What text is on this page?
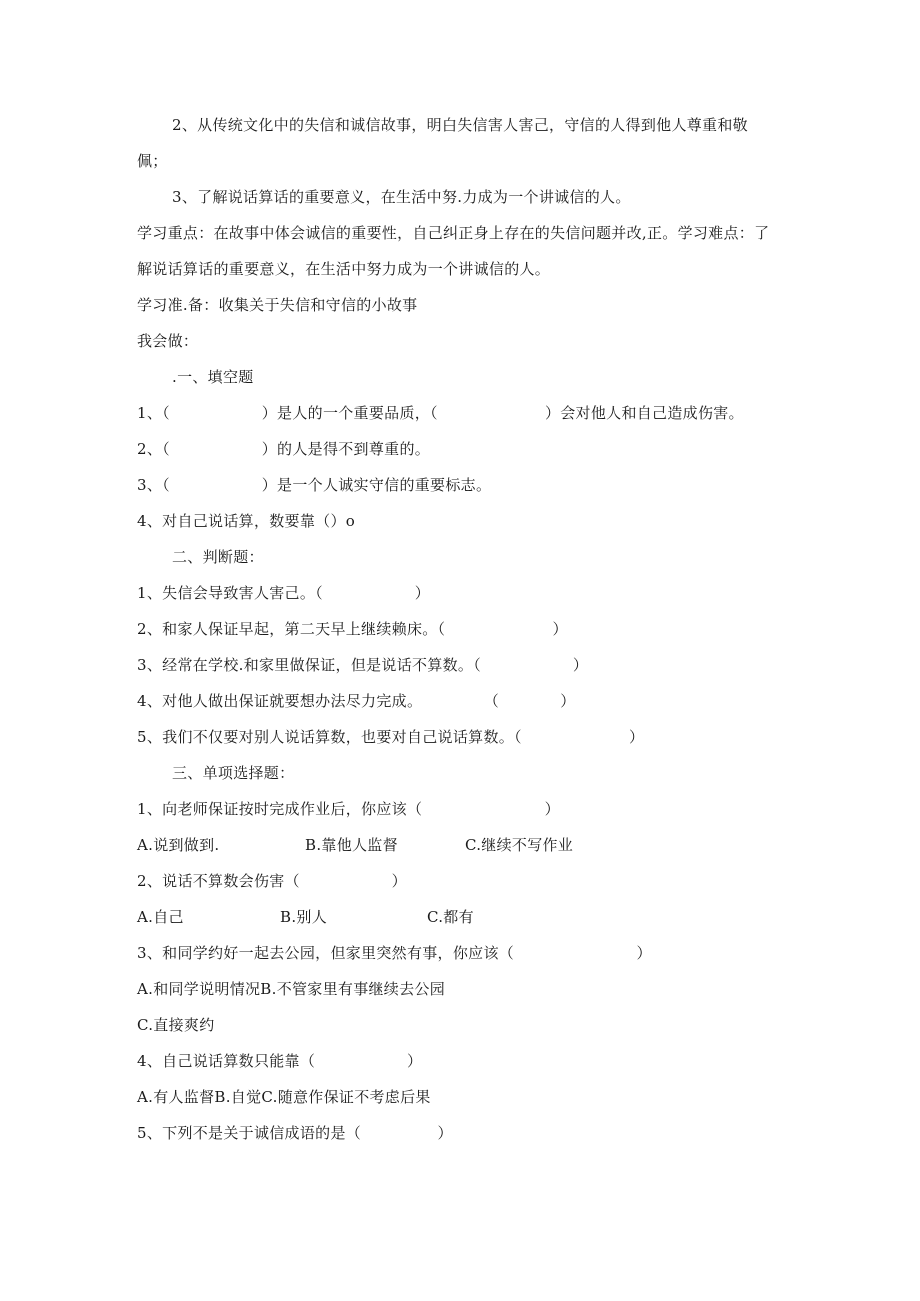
2、从传统文化中的失信和诚信故事，明白失信害人害己，守信的人得到他人尊重和敬
佩；
3、了解说话算话的重要意义，在生活中努.力成为一个讲诚信的人。
学习重点：在故事中体会诚信的重要性，自己纠正身上存在的失信问题并改,正。学习难点：了
解说话算话的重要意义，在生活中努力成为一个讲诚信的人。
学习准.备：收集关于失信和守信的小故事
我会做：
.一、填空题
1、（　　　　　　）是人的一个重要品质，（　　　　　　　）会对他人和自己造成伤害。
2、（　　　　　　）的人是得不到尊重的。
3、（　　　　　　）是一个人诚实守信的重要标志。
4、对自己说话算，数要靠（）o
二、判断题：
1、失信会导致害人害己。（　　　　　　）
2、和家人保证早起，第二天早上继续赖床。（　　　　　　　）
3、经常在学校.和家里做保证，但是说话不算数。（　　　　　　）
4、对他人做出保证就要想办法尽力完成。　　　　　（　　　　）
5、我们不仅要对别人说话算数，也要对自己说话算数。（　　　　　　　）
三、单项选择题：
1、向老师保证按时完成作业后，你应该（　　　　　　　　）
A.说到做到.	B.靠他人监督	C.继续不写作业
2、说话不算数会伤害（　　　　　　）
A.自己	B.别人	C.都有
3、和同学约好一起去公园，但家里突然有事，你应该（　　　　　　　　）
A.和同学说明情况B.不管家里有事继续去公园
C.直接爽约
4、自己说话算数只能靠（　　　　　　）
A.有人监督B.自觉C.随意作保证不考虑后果
5、下列不是关于诚信成语的是（　　　　　）
